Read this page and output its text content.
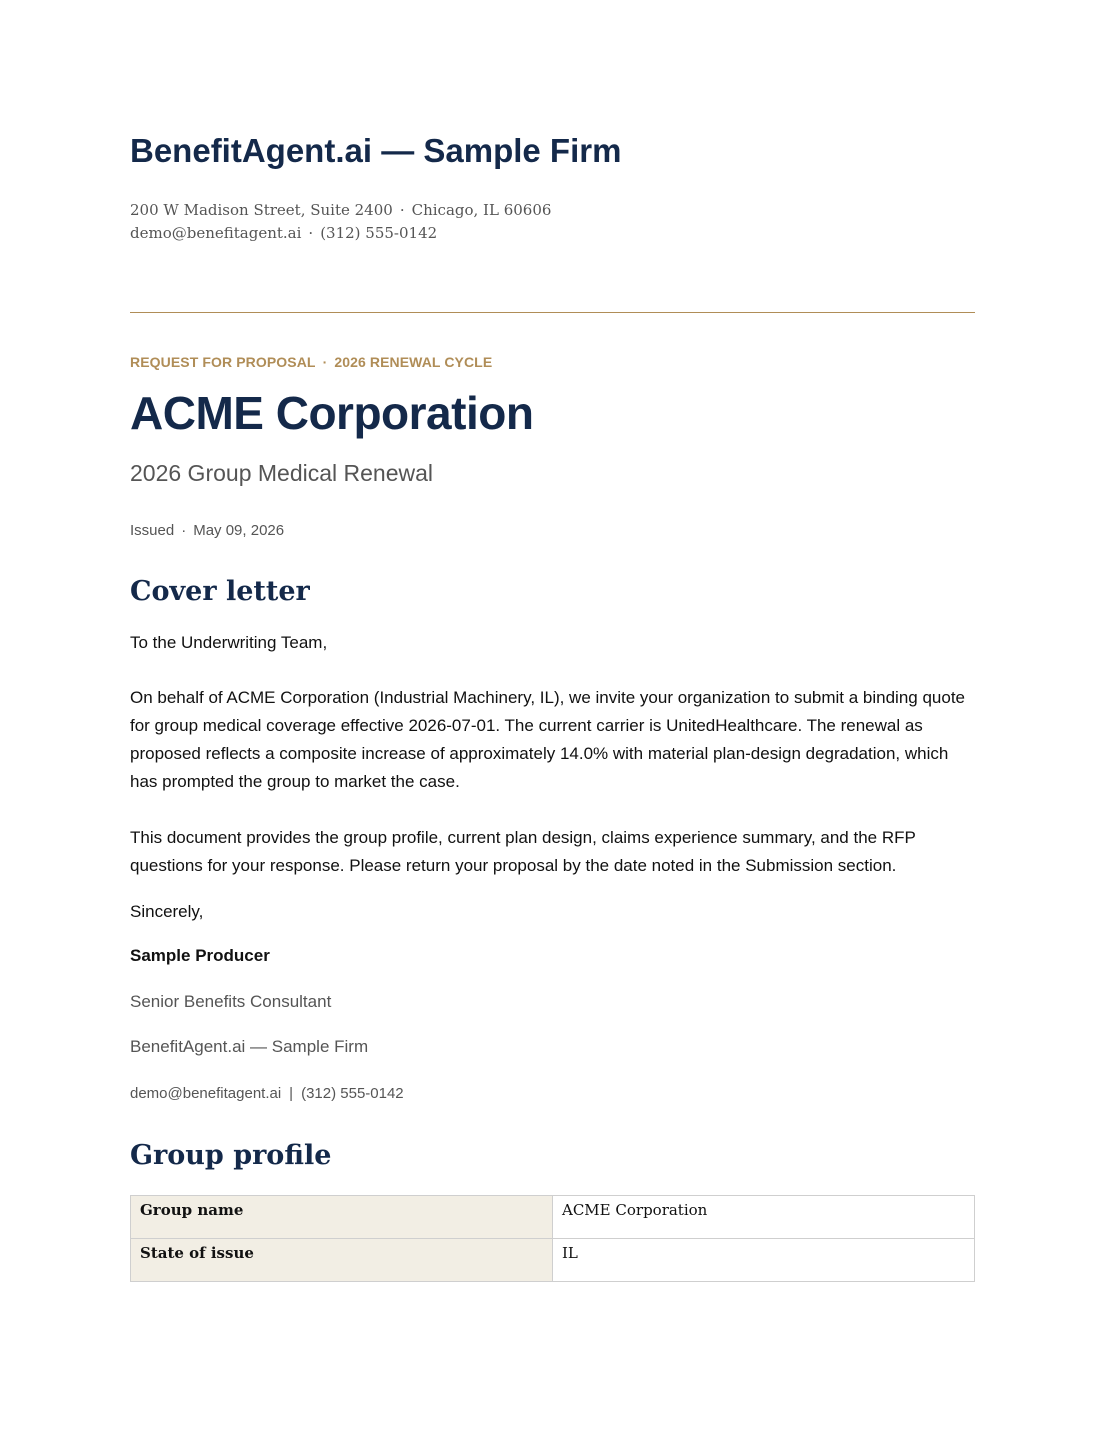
BenefitAgent.ai — Sample Firm
200 W Madison Street, Suite 2400 · Chicago, IL 60606
demo@benefitagent.ai · (312) 555-0142
REQUEST FOR PROPOSAL · 2026 RENEWAL CYCLE
ACME Corporation
2026 Group Medical Renewal
Issued · May 09, 2026
Cover letter
To the Underwriting Team,
On behalf of ACME Corporation (Industrial Machinery, IL), we invite your organization to submit a binding quote for group medical coverage effective 2026-07-01. The current carrier is UnitedHealthcare. The renewal as proposed reflects a composite increase of approximately 14.0% with material plan-design degradation, which has prompted the group to market the case.
This document provides the group profile, current plan design, claims experience summary, and the RFP questions for your response. Please return your proposal by the date noted in the Submission section.
Sincerely,
Sample Producer
Senior Benefits Consultant
BenefitAgent.ai — Sample Firm
demo@benefitagent.ai | (312) 555-0142
Group profile
Group name	ACME Corporation
State of issue	IL
